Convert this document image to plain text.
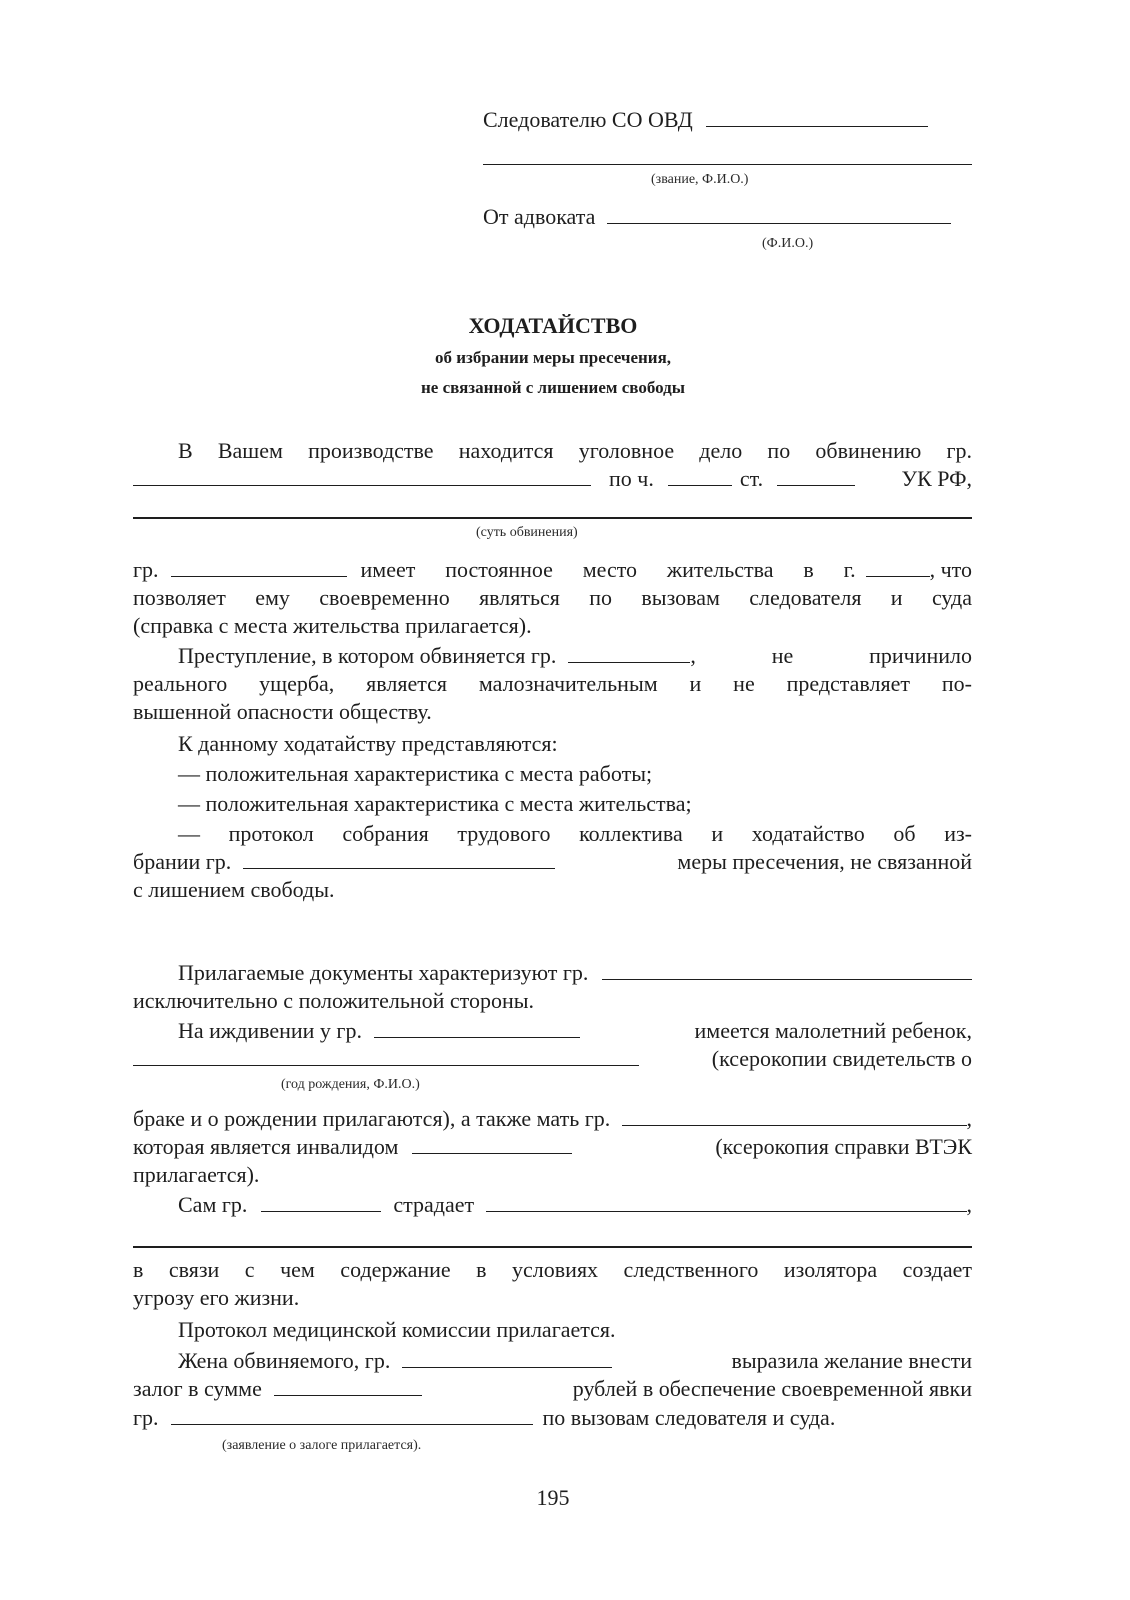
Следователю СО ОВД
(звание, Ф.И.О.)
От адвоката
(Ф.И.О.)
ХОДАТАЙСТВО
об избрании меры пресечения,
не связанной с лишением свободы
В Вашем производстве находится уголовное дело по обвинению гр.
по ч.	ст.	УК РФ,
(суть обвинения)
гр.	имеет постоянное место жительства в г.	, что
позволяет ему своевременно являться по вызовам следователя и суда
(справка с места жительства прилагается).
Преступление, в котором обвиняется гр.	, не причинило
реального ущерба, является малозначительным и не представляет по-
вышенной опасности обществу.
К данному ходатайству представляются:
— положительная характеристика с места работы;
— положительная характеристика с места жительства;
— протокол собрания трудового коллектива и ходатайство об из-
брании гр.	меры пресечения, не связанной
с лишением свободы.
Прилагаемые документы характеризуют гр.
исключительно с положительной стороны.
На иждивении у гр.	имеется малолетний ребенок,
(ксерокопии свидетельств о
(год рождения, Ф.И.О.)
браке и о рождении прилагаются), а также мать гр.	,
которая является инвалидом	(ксерокопия справки ВТЭК
прилагается).
Сам гр.	страдает	,
в связи с чем содержание в условиях следственного изолятора создает
угрозу его жизни.
Протокол медицинской комиссии прилагается.
Жена обвиняемого, гр.	выразила желание внести
залог в сумме	рублей в обеспечение своевременной явки
гр.	по вызовам следователя и суда.
(заявление о залоге прилагается).
195
